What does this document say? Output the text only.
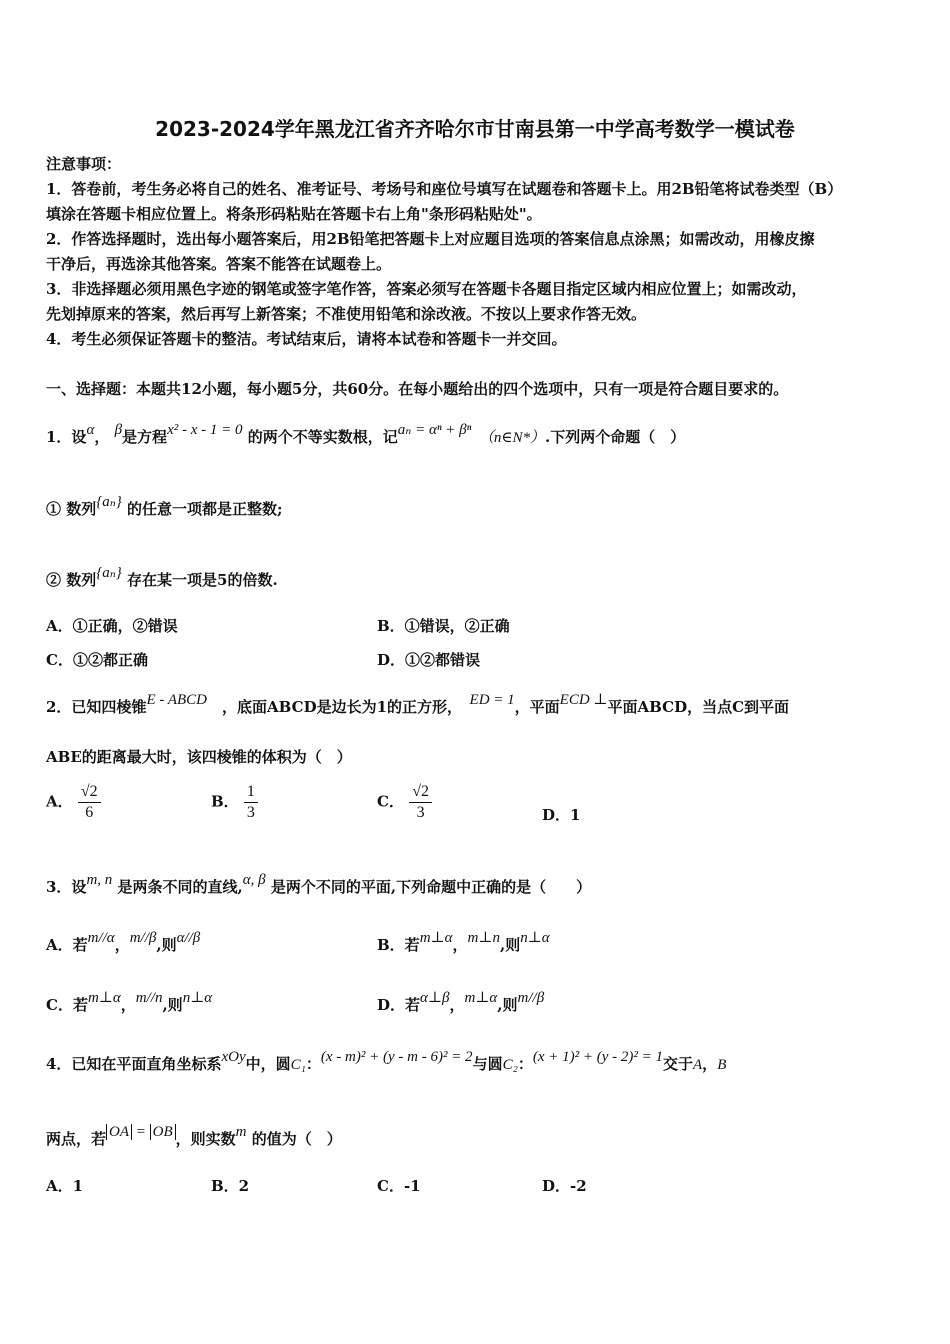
2023-2024学年黑龙江省齐齐哈尔市甘南县第一中学高考数学一模试卷
注意事项：
1．答卷前，考生务必将自己的姓名、准考证号、考场号和座位号填写在试题卷和答题卡上。用2B铅笔将试卷类型（B）
填涂在答题卡相应位置上。将条形码粘贴在答题卡右上角"条形码粘贴处"。
2．作答选择题时，选出每小题答案后，用2B铅笔把答题卡上对应题目选项的答案信息点涂黑；如需改动，用橡皮擦
干净后，再选涂其他答案。答案不能答在试题卷上。
3．非选择题必须用黑色字迹的钢笔或签字笔作答，答案必须写在答题卡各题目指定区域内相应位置上；如需改动，
先划掉原来的答案，然后再写上新答案；不准使用铅笔和涂改液。不按以上要求作答无效。
4．考生必须保证答题卡的整洁。考试结束后，请将本试卷和答题卡一并交回。
一、选择题：本题共12小题，每小题5分，共60分。在每小题给出的四个选项中，只有一项是符合题目要求的。
1．设α， β是方程x² - x - 1 = 0 的两个不等实数根，记aₙ = αⁿ + βⁿ　 （n∈N*）.下列两个命题（　）
① 数列{aₙ} 的任意一项都是正整数;
② 数列{aₙ} 存在某一项是5的倍数.
A．①正确，②错误	B．①错误，②正确
C．①②都正确	D．①②都错误
2．已知四棱锥E - ABCD　 ，底面ABCD是边长为1的正方形，　 ED = 1，平面ECD ⊥平面ABCD，当点C到平面
ABE的距离最大时，该四棱锥的体积为（　）
A． $\frac{√2}{6}$	B． $\frac{1}{3}$	C． $\frac{√2}{3}$	D．1
3．设m, n 是两条不同的直线,α, β 是两个不同的平面,下列命题中正确的是（　　）
A．若m//α，m//β,则α//β	B．若m⊥α，m⊥n,则n⊥α
C．若m⊥α，m//n,则n⊥α	D．若α⊥β，m⊥α,则m//β
4．已知在平面直角坐标系xOy中，圆C₁：(x - m)² + (y - m - 6)² = 2与圆C₂：(x + 1)² + (y - 2)² = 1交于A，B
两点，若 OA = OB ，则实数m 的值为（　）
A．1	B．2	C．-1	D．-2
